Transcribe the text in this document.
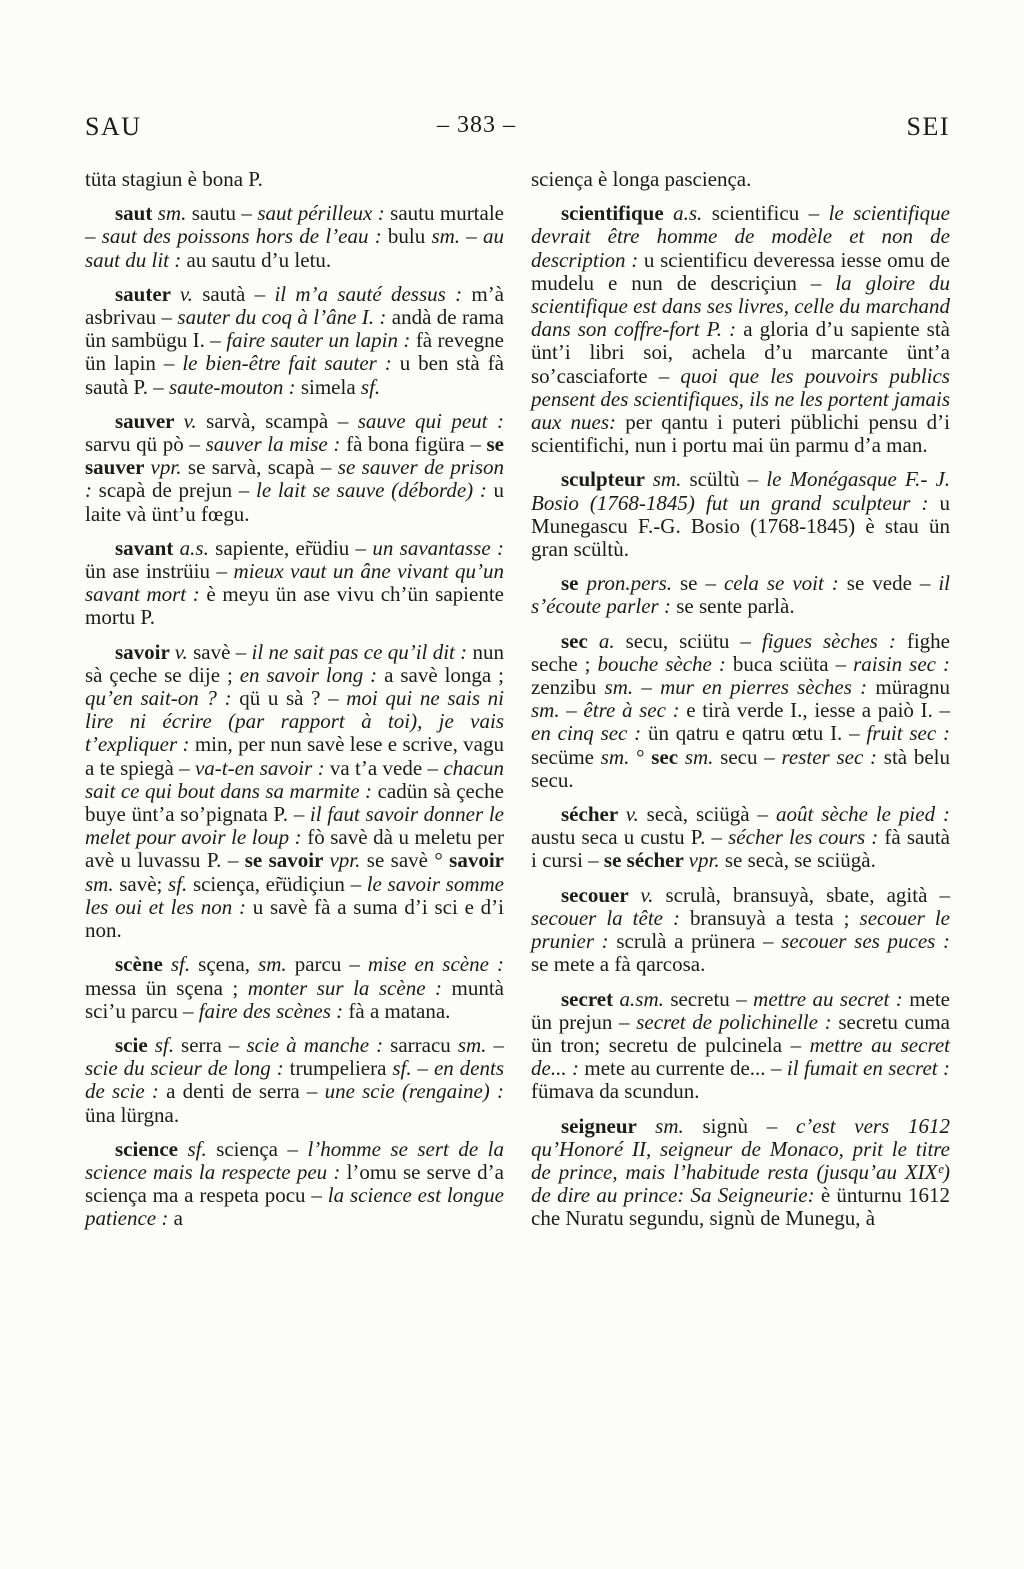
SAU	– 383 –	SEI

tüta stagiun è bona P.

saut sm. sautu – saut périlleux : sautu murtale – saut des poissons hors de l’eau : bulu sm. – au saut du lit : au sautu d’u letu.

sauter v. sautà – il m’a sauté dessus : m’à asbrivau – sauter du coq à l’âne I. : andà de rama ün sambügu I. – faire sauter un lapin : fà revegne ün lapin – le bien-être fait sauter : u ben stà fà sautà P. – saute-mouton : simela sf.

sauver v. sarvà, scampà – sauve qui peut : sarvu qü pò – sauver la mise : fà bona figüra – se sauver vpr. se sarvà, scapà – se sauver de prison : scapà de prejun – le lait se sauve (déborde) : u laite và ünt’u fœgu.

savant a.s. sapiente, er̃üdiu – un savantasse : ün ase instrüiu – mieux vaut un âne vivant qu’un savant mort : è meyu ün ase vivu ch’ün sapiente mortu P.

savoir v. savè – il ne sait pas ce qu’il dit : nun sà çeche se dije ; en savoir long : a savè longa ; qu’en sait-on ? : qü u sà ? – moi qui ne sais ni lire ni écrire (par rapport à toi), je vais t’expliquer : min, per nun savè lese e scrive, vagu a te spiegà – va-t-en savoir : va t’a vede – chacun sait ce qui bout dans sa marmite : cadün sà çeche buye ünt’a so’pignata P. – il faut savoir donner le melet pour avoir le loup : fò savè dà u meletu per avè u luvassu P. – se savoir vpr. se savè ° savoir sm. savè; sf. sciença, er̃üdiçiun – le savoir somme les oui et les non : u savè fà a suma d’i sci e d’i non.

scène sf. sçena, sm. parcu – mise en scène : messa ün sçena ; monter sur la scène : muntà sci’u parcu – faire des scènes : fà a matana.

scie sf. serra – scie à manche : sarracu sm. – scie du scieur de long : trumpeliera sf. – en dents de scie : a denti de serra – une scie (rengaine) : üna lürgna.

science sf. sciença – l’homme se sert de la science mais la respecte peu : l’omu se serve d’a sciença ma a respeta pocu – la science est longue patience : a

sciença è longa pasciença.

scientifique a.s. scientificu – le scientifique devrait être homme de modèle et non de description : u scientificu deveressa iesse omu de mudelu e nun de descriçiun – la gloire du scientifique est dans ses livres, celle du marchand dans son coffre-fort P. : a gloria d’u sapiente stà ünt’i libri soi, achela d’u marcante ünt’a so’casciaforte – quoi que les pouvoirs publics pensent des scientifiques, ils ne les portent jamais aux nues: per qantu i puteri püblichi pensu d’i scientifichi, nun i portu mai ün parmu d’a man.

sculpteur sm. scültù – le Monégasque F.- J. Bosio (1768-1845) fut un grand sculpteur : u Munegascu F.-G. Bosio (1768-1845) è stau ün gran scültù.

se pron.pers. se – cela se voit : se vede – il s’écoute parler : se sente parlà.

sec a. secu, sciütu – figues sèches : fighe seche ; bouche sèche : buca sciüta – raisin sec : zenzibu sm. – mur en pierres sèches : müragnu sm. – être à sec : e tirà verde I., iesse a paiò I. – en cinq sec : ün qatru e qatru œtu I. – fruit sec : secüme sm. ° sec sm. secu – rester sec : stà belu secu.

sécher v. secà, sciügà – août sèche le pied : austu seca u custu P. – sécher les cours : fà sautà i cursi – se sécher vpr. se secà, se sciügà.

secouer v. scrulà, bransuyà, sbate, agità – secouer la tête : bransuyà a testa ; secouer le prunier : scrulà a prünera – secouer ses puces : se mete a fà qarcosa.

secret a.sm. secretu – mettre au secret : mete ün prejun – secret de polichinelle : secretu cuma ün tron; secretu de pulcinela – mettre au secret de... : mete au currente de... – il fumait en secret : fümava da scundun.

seigneur sm. signù – c’est vers 1612 qu’Honoré II, seigneur de Monaco, prit le titre de prince, mais l’habitude resta (jusqu’au XIXᵉ) de dire au prince: Sa Seigneurie: è ünturnu 1612 che Nuratu segundu, signù de Munegu, à
